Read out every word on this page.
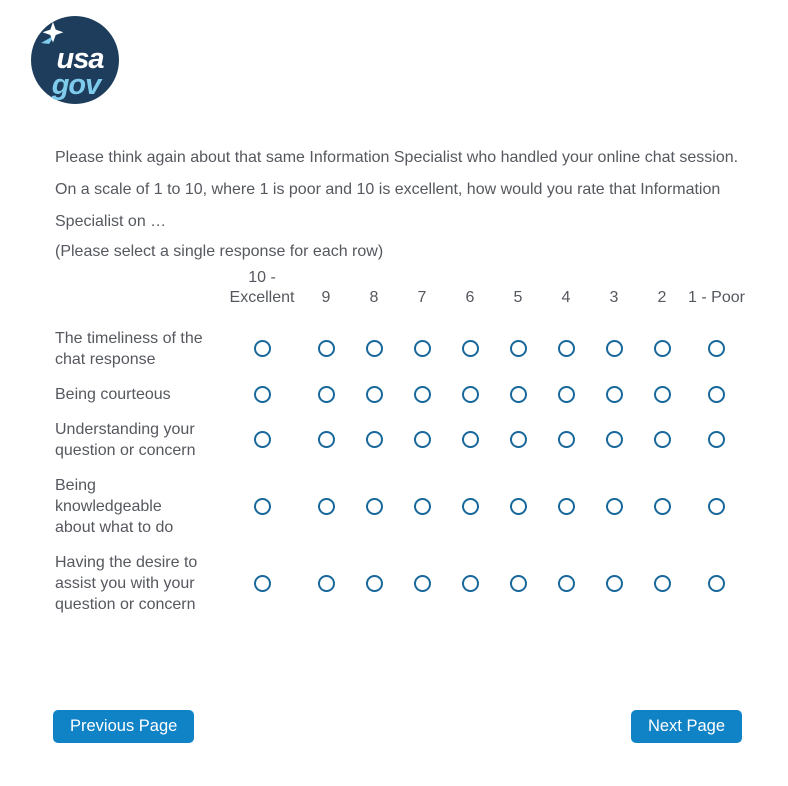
usa
gov
Please think again about that same Information Specialist who handled your online chat session. On a scale of 1 to 10, where 1 is poor and 10 is excellent, how would you rate that Information Specialist on …
(Please select a single response for each row)
	10 - Excellent	9	8	7	6	5	4	3	2	1 - Poor
The timeliness of the chat response										
Being courteous										
Understanding your question or concern										
Being knowledgeable about what to do										
Having the desire to assist you with your question or concern										
Previous Page	Next Page
